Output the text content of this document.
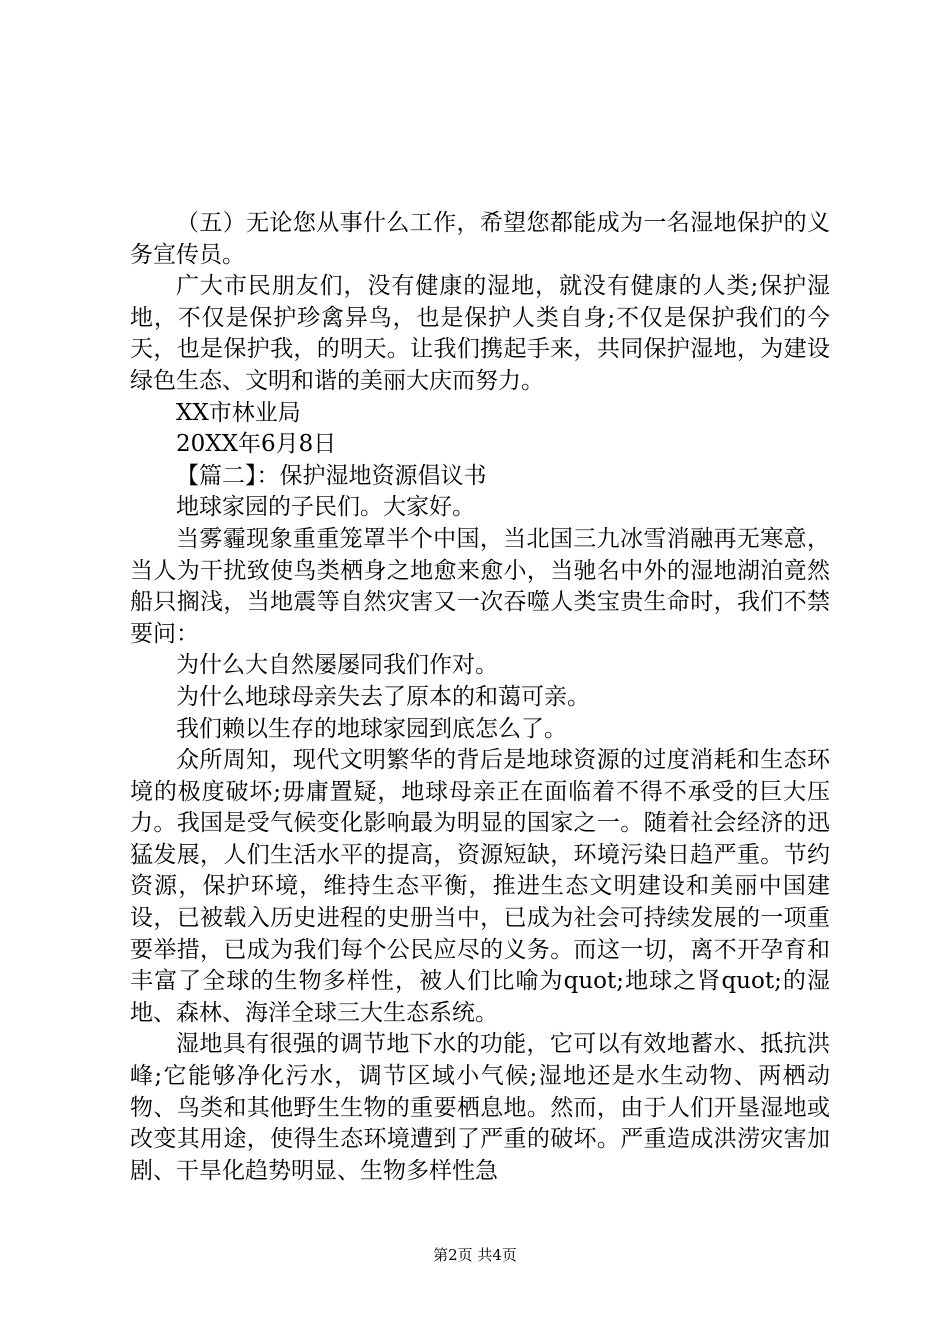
（五）无论您从事什么工作，希望您都能成为一名湿地保护的义务宣传员。

广大市民朋友们，没有健康的湿地，就没有健康的人类;保护湿地，不仅是保护珍禽异鸟，也是保护人类自身;不仅是保护我们的今天，也是保护我，的明天。让我们携起手来，共同保护湿地，为建设绿色生态、文明和谐的美丽大庆而努力。

XX市林业局

20XX年6月8日

【篇二】：保护湿地资源倡议书

地球家园的子民们。大家好。

当雾霾现象重重笼罩半个中国，当北国三九冰雪消融再无寒意，当人为干扰致使鸟类栖身之地愈来愈小，当驰名中外的湿地湖泊竟然船只搁浅，当地震等自然灾害又一次吞噬人类宝贵生命时，我们不禁要问：

为什么大自然屡屡同我们作对。

为什么地球母亲失去了原本的和蔼可亲。

我们赖以生存的地球家园到底怎么了。

众所周知，现代文明繁华的背后是地球资源的过度消耗和生态环境的极度破坏;毋庸置疑，地球母亲正在面临着不得不承受的巨大压力。我国是受气候变化影响最为明显的国家之一。随着社会经济的迅猛发展，人们生活水平的提高，资源短缺，环境污染日趋严重。节约资源，保护环境，维持生态平衡，推进生态文明建设和美丽中国建设，已被载入历史进程的史册当中，已成为社会可持续发展的一项重要举措，已成为我们每个公民应尽的义务。而这一切，离不开孕育和丰富了全球的生物多样性，被人们比喻为quot;地球之肾quot;的湿地、森林、海洋全球三大生态系统。

湿地具有很强的调节地下水的功能，它可以有效地蓄水、抵抗洪峰;它能够净化污水，调节区域小气候;湿地还是水生动物、两栖动物、鸟类和其他野生生物的重要栖息地。然而，由于人们开垦湿地或改变其用途，使得生态环境遭到了严重的破坏。严重造成洪涝灾害加剧、干旱化趋势明显、生物多样性急

第2页 共4页
